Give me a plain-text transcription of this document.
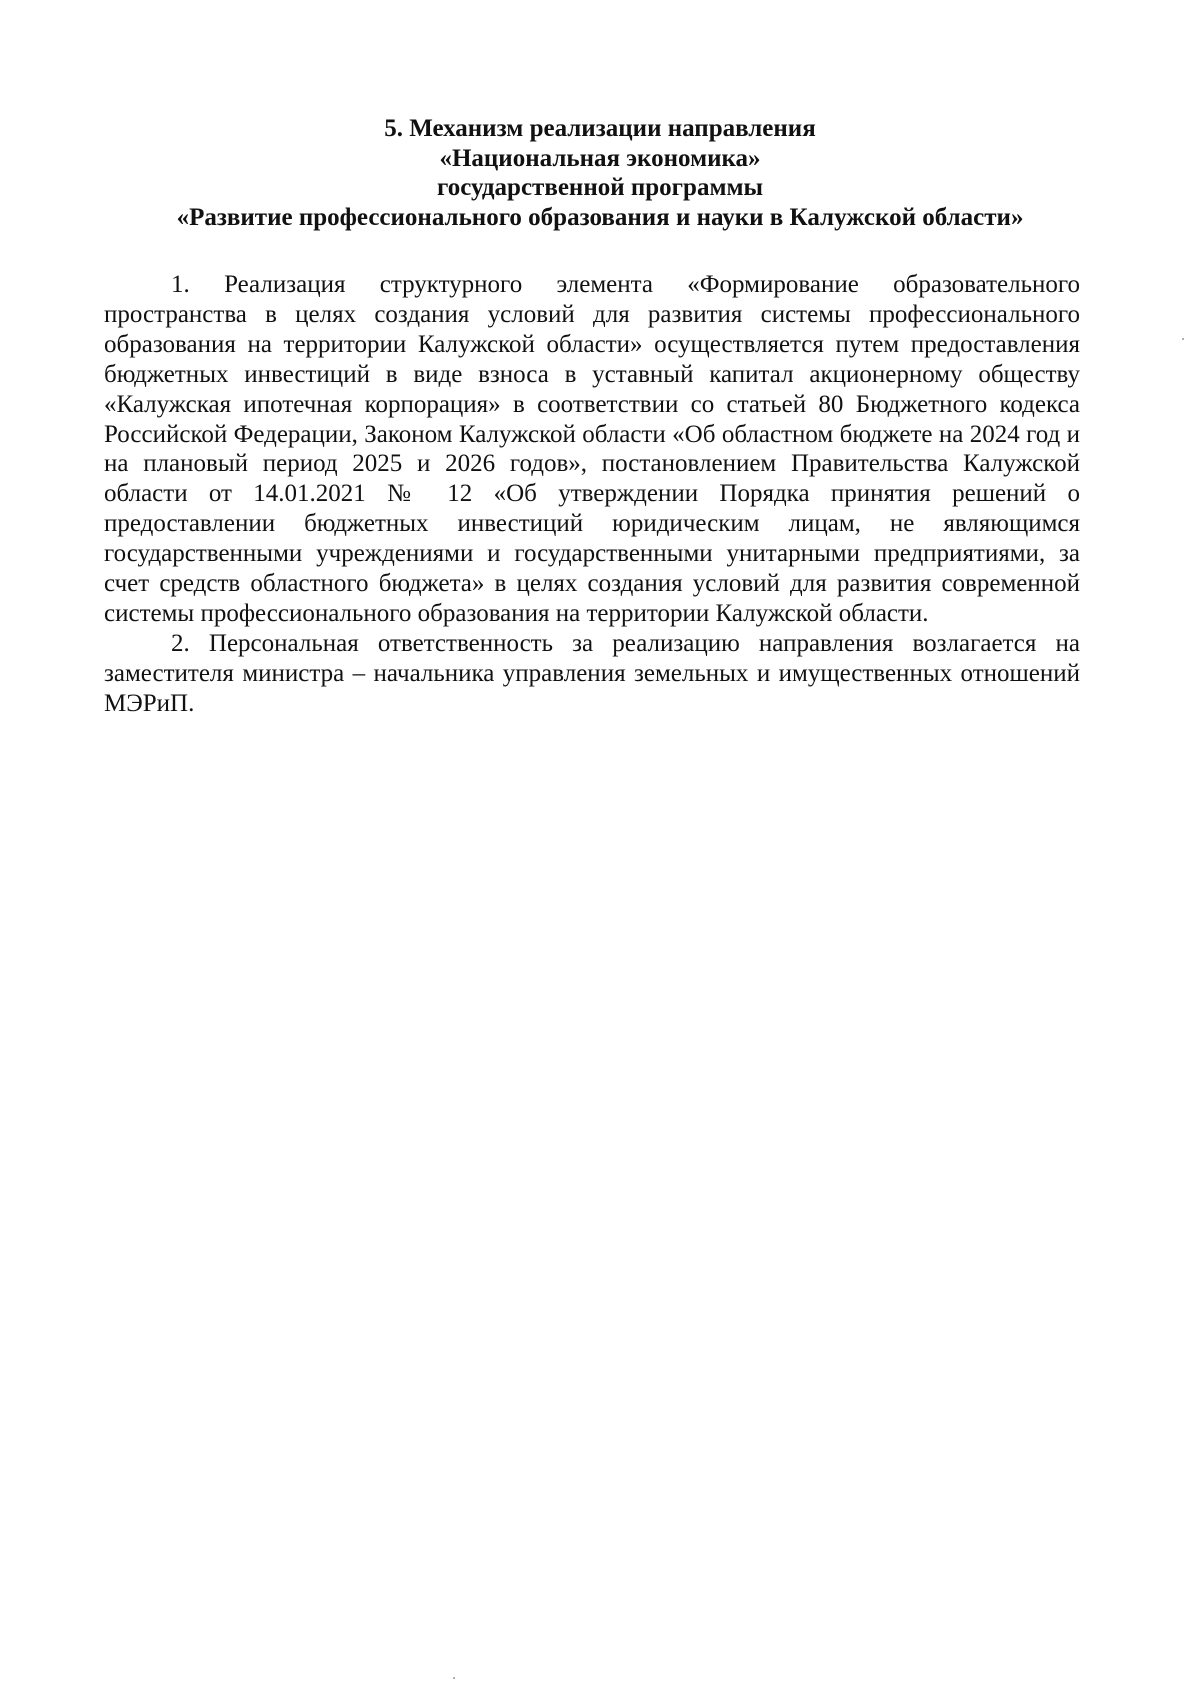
5. Механизм реализации направления
«Национальная экономика»
государственной программы
«Развитие профессионального образования и науки в Калужской области»

1. Реализация структурного элемента «Формирование образовательного пространства в целях создания условий для развития системы профессионального образования на территории Калужской области» осуществляется путем предоставления бюджетных инвестиций в виде взноса в уставный капитал акционерному обществу «Калужская ипотечная корпорация» в соответствии со статьей 80 Бюджетного кодекса Российской Федерации, Законом Калужской области «Об областном бюджете на 2024 год и на плановый период 2025 и 2026 годов», постановлением Правительства Калужской области от 14.01.2021 № 12 «Об утверждении Порядка принятия решений о предоставлении бюджетных инвестиций юридическим лицам, не являющимся государственными учреждениями и государственными унитарными предприятиями, за счет средств областного бюджета» в целях создания условий для развития современной системы профессионального образования на территории Калужской области.

2. Персональная ответственность за реализацию направления возлагается на заместителя министра – начальника управления земельных и имущественных отношений МЭРиП.
